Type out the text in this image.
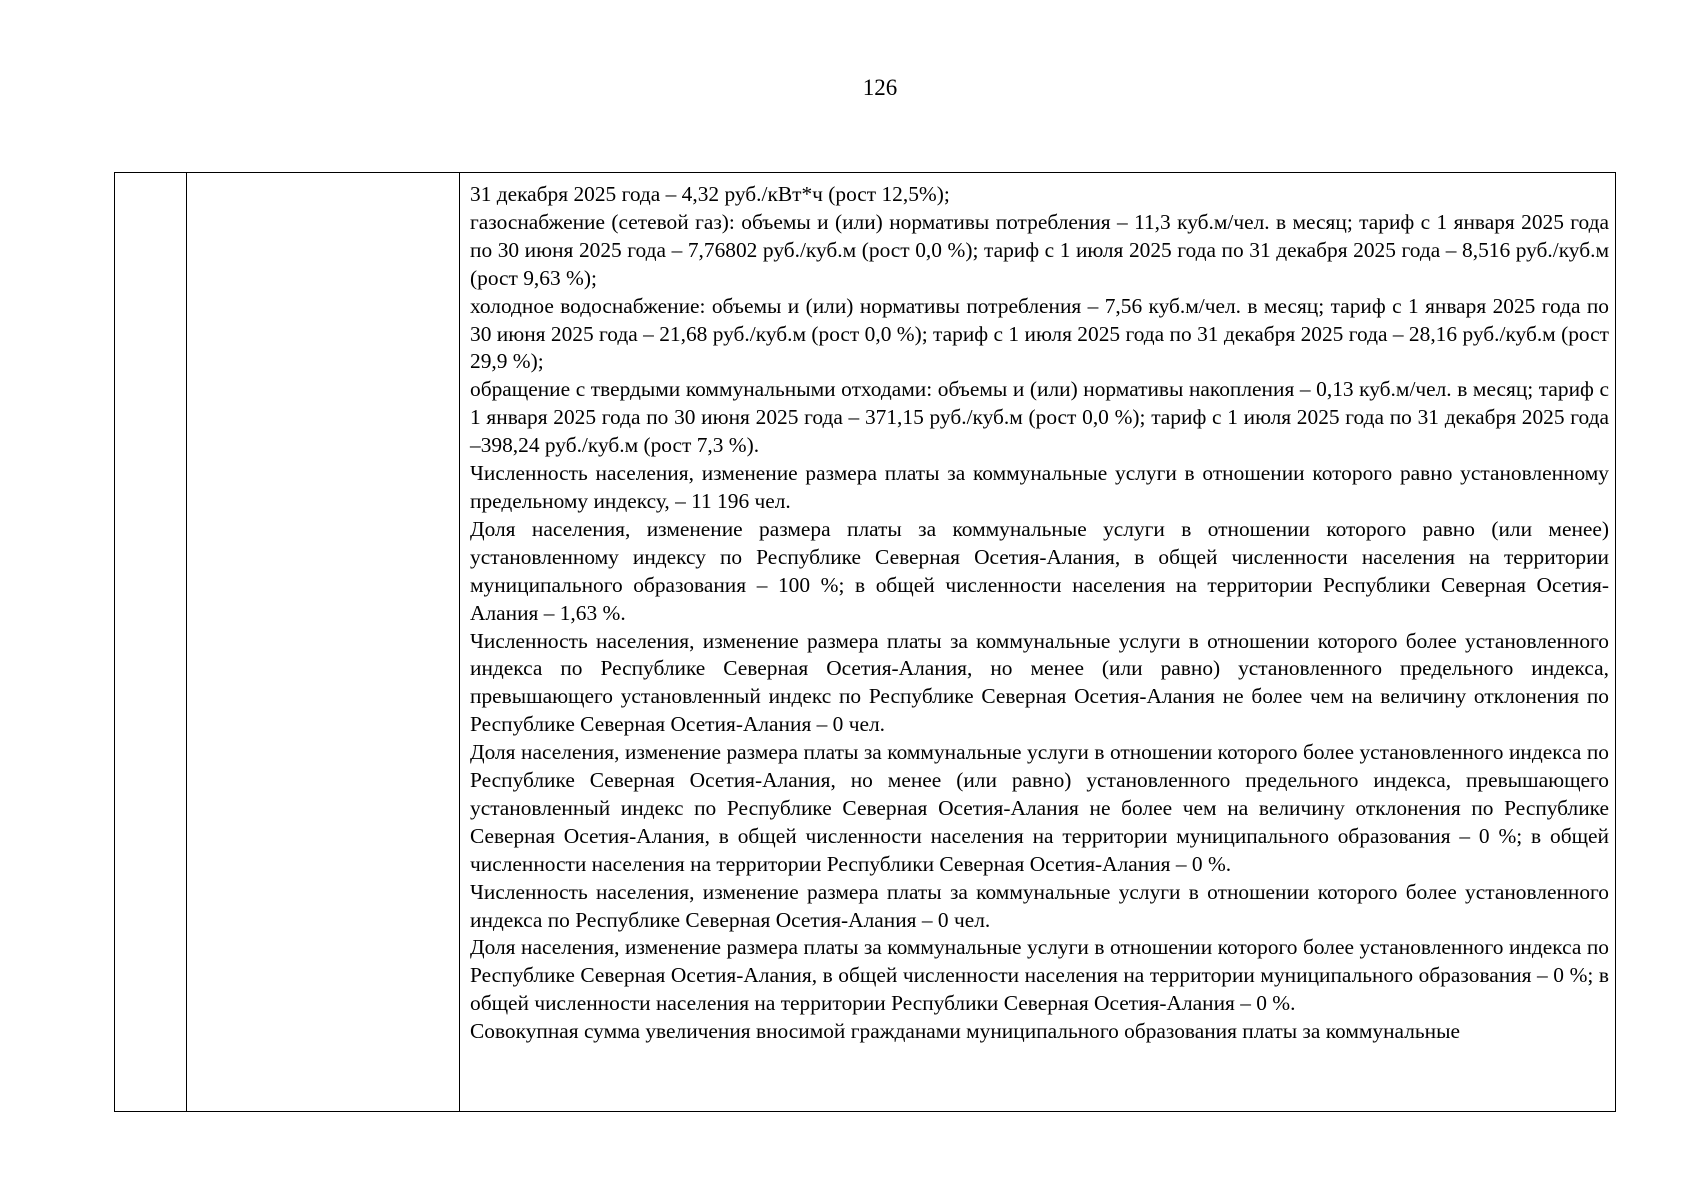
126

31 декабря 2025 года – 4,32 руб./кВт*ч (рост 12,5%);

газоснабжение (сетевой газ): объемы и (или) нормативы потребления – 11,3 куб.м/чел. в месяц; тариф с 1 января 2025 года по 30 июня 2025 года – 7,76802 руб./куб.м (рост 0,0 %); тариф с 1 июля 2025 года по 31 декабря 2025 года – 8,516 руб./куб.м (рост 9,63 %);

холодное водоснабжение: объемы и (или) нормативы потребления – 7,56 куб.м/чел. в месяц; тариф с 1 января 2025 года по 30 июня 2025 года – 21,68 руб./куб.м (рост 0,0 %); тариф с 1 июля 2025 года по 31 декабря 2025 года – 28,16 руб./куб.м (рост 29,9 %);

обращение с твердыми коммунальными отходами: объемы и (или) нормативы накопления – 0,13 куб.м/чел. в месяц; тариф с 1 января 2025 года по 30 июня 2025 года – 371,15 руб./куб.м (рост 0,0 %); тариф с 1 июля 2025 года по 31 декабря 2025 года –398,24 руб./куб.м (рост 7,3 %).

Численность населения, изменение размера платы за коммунальные услуги в отношении которого равно установленному предельному индексу, – 11 196 чел.

Доля населения, изменение размера платы за коммунальные услуги в отношении которого равно (или менее) установленному индексу по Республике Северная Осетия-Алания, в общей численности населения на территории муниципального образования – 100 %; в общей численности населения на территории Республики Северная Осетия-Алания – 1,63 %.

Численность населения, изменение размера платы за коммунальные услуги в отношении которого более установленного индекса по Республике Северная Осетия-Алания, но менее (или равно) установленного предельного индекса, превышающего установленный индекс по Республике Северная Осетия-Алания не более чем на величину отклонения по Республике Северная Осетия-Алания – 0 чел.

Доля населения, изменение размера платы за коммунальные услуги в отношении которого более установленного индекса по Республике Северная Осетия-Алания, но менее (или равно) установленного предельного индекса, превышающего установленный индекс по Республике Северная Осетия-Алания не более чем на величину отклонения по Республике Северная Осетия-Алания, в общей численности населения на территории муниципального образования – 0 %; в общей численности населения на территории Республики Северная Осетия-Алания – 0 %.

Численность населения, изменение размера платы за коммунальные услуги в отношении которого более установленного индекса по Республике Северная Осетия-Алания – 0 чел.

Доля населения, изменение размера платы за коммунальные услуги в отношении которого более установленного индекса по Республике Северная Осетия-Алания, в общей численности населения на территории муниципального образования – 0 %; в общей численности населения на территории Республики Северная Осетия-Алания – 0 %.

Совокупная сумма увеличения вносимой гражданами муниципального образования платы за коммунальные
